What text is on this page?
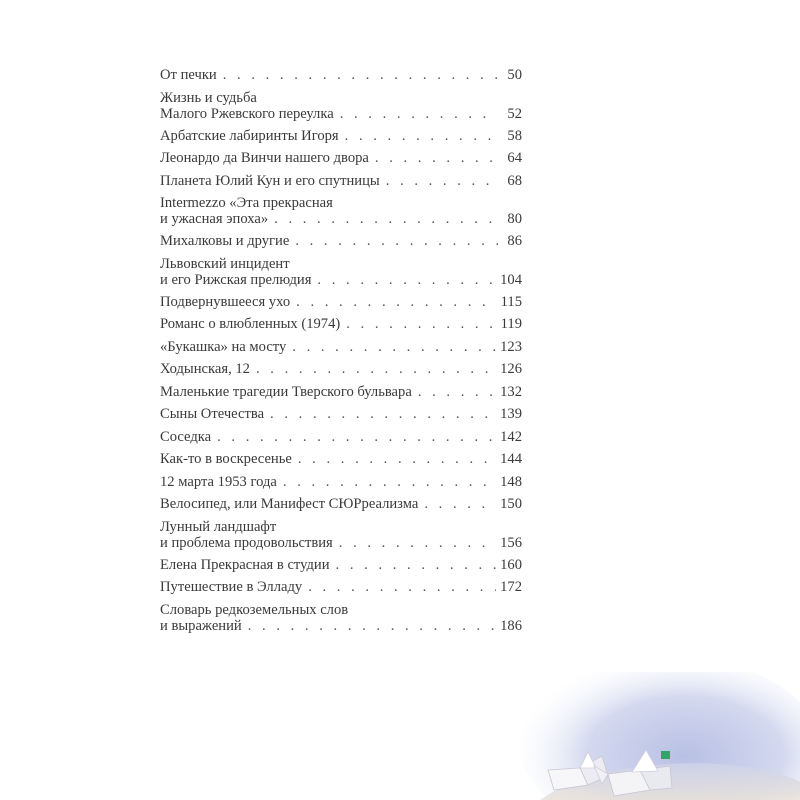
От печки . . .	50
Жизнь и судьба
Малого Ржевского переулка . . .	52
Арбатские лабиринты Игоря . . .	58
Леонардо да Винчи нашего двора . . .	64
Планета Юлий Кун и его спутницы . . .	68
Intermezzo «Эта прекрасная
и ужасная эпоха» . . .	80
Михалковы и другие . . .	86
Львовский инцидент
и его Рижская прелюдия . . .	104
Подвернувшееся ухо . . .	115
Романс о влюбленных (1974) . . .	119
«Букашка» на мосту . . .	123
Ходынская, 12 . . .	126
Маленькие трагедии Тверского бульвара . . .	132
Сыны Отечества . . .	139
Соседка . . .	142
Как-то в воскресенье . . .	144
12 марта 1953 года . . .	148
Велосипед, или Манифест СЮРреализма . . .	150
Лунный ландшафт
и проблема продовольствия . . .	156
Елена Прекрасная в студии . . .	160
Путешествие в Элладу . . .	172
Словарь редкоземельных слов
и выражений . . .	186
